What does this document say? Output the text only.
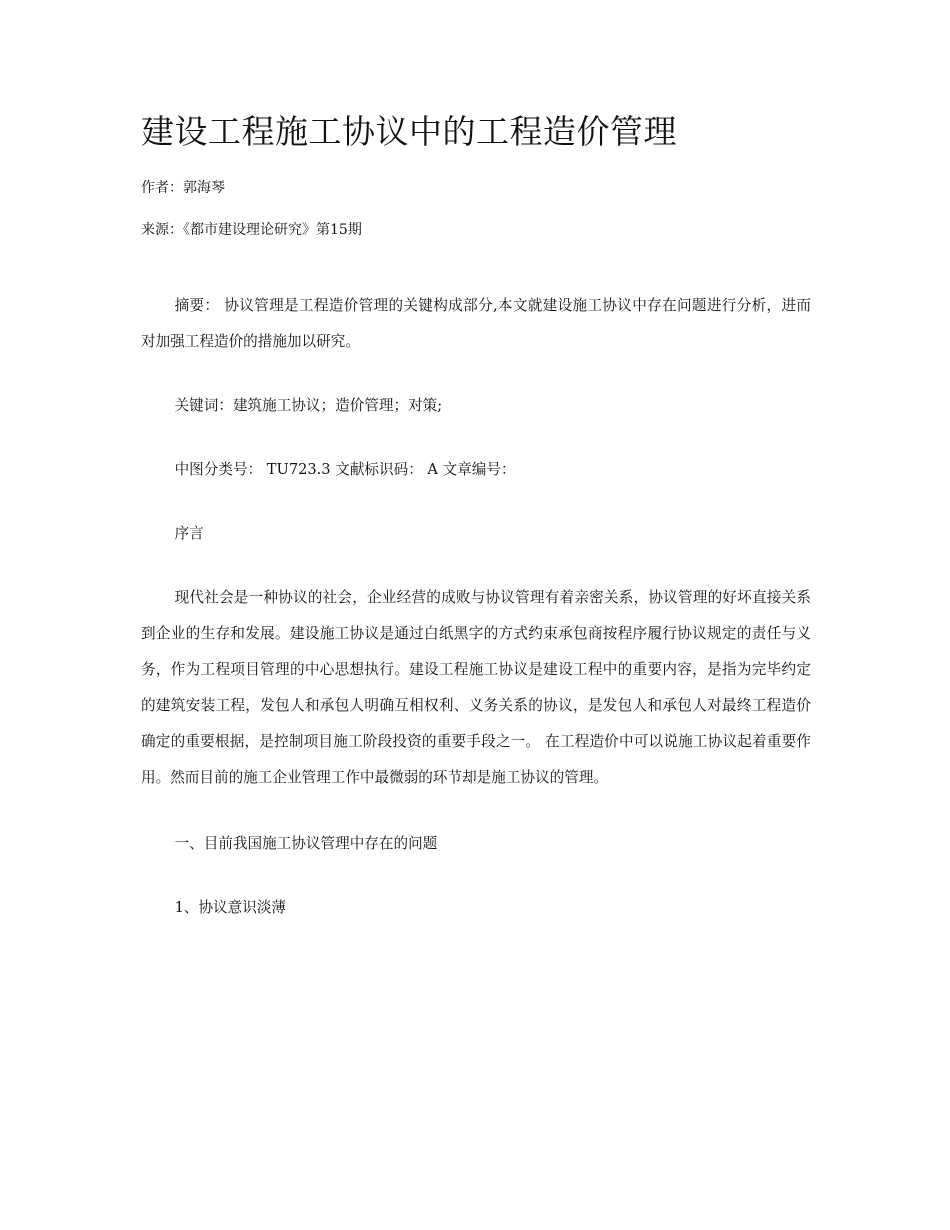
建设工程施工协议中的工程造价管理

作者：郭海琴

来源：《都市建设理论研究》第15期

摘要： 协议管理是工程造价管理的关键构成部分,本文就建设施工协议中存在问题进行分析，进而对加强工程造价的措施加以研究。

关键词：建筑施工协议；造价管理；对策;

中图分类号： TU723.3 文献标识码： A 文章编号：

序言

现代社会是一种协议的社会，企业经营的成败与协议管理有着亲密关系，协议管理的好坏直接关系到企业的生存和发展。建设施工协议是通过白纸黑字的方式约束承包商按程序履行协议规定的责任与义务，作为工程项目管理的中心思想执行。建设工程施工协议是建设工程中的重要内容，是指为完毕约定的建筑安装工程，发包人和承包人明确互相权利、义务关系的协议，是发包人和承包人对最终工程造价确定的重要根据，是控制项目施工阶段投资的重要手段之一。 在工程造价中可以说施工协议起着重要作用。然而目前的施工企业管理工作中最微弱的环节却是施工协议的管理。

一、目前我国施工协议管理中存在的问题

1、协议意识淡薄
